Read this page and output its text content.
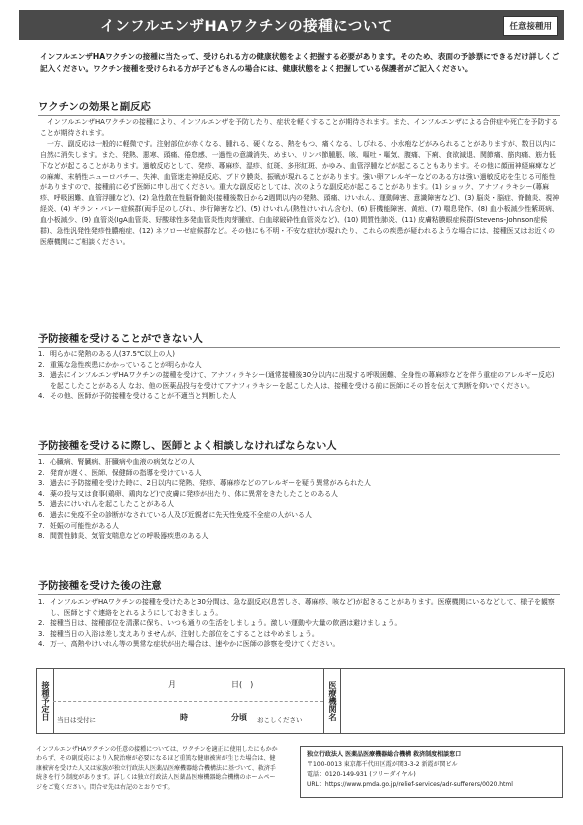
インフルエンザHAワクチンの接種について	任意接種用

インフルエンザHAワクチンの接種に当たって、受けられる方の健康状態をよく把握する必要があります。そのため、表面の予診票にできるだけ詳しくご記入ください。ワクチン接種を受けられる方が子どもさんの場合には、健康状態をよく把握している保護者がご記入ください。

ワクチンの効果と副反応

インフルエンザHAワクチンの接種により、インフルエンザを予防したり、症状を軽くすることが期待されます。また、インフルエンザによる合併症や死亡を予防することが期待されます。

一方、副反応は一般的に軽微です。注射部位が赤くなる、腫れる、硬くなる、熱をもつ、痛くなる、しびれる、小水疱などがみられることがありますが、数日以内に自然に消失します。また、発熱、悪寒、頭痛、倦怠感、一過性の意識消失、めまい、リンパ節腫脹、咳、嘔吐・嘔気、腹痛、下痢、食欲減退、関節痛、筋肉痛、筋力低下などが起こることがあります。過敏反応として、発疹、蕁麻疹、湿疹、紅斑、多形紅斑、かゆみ、血管浮腫などが起こることもあります。その他に顔面神経麻痺などの麻痺、末梢性ニューロパチー、失神、血管迷走神経反応、ブドウ膜炎、振戦が現れることがあります。強い卵アレルギーなどのある方は強い過敏反応を生じる可能性がありますので、接種前に必ず医師に申し出てください。重大な副反応としては、次のような副反応が起こることがあります。(1) ショック、アナフィラキシー(蕁麻疹、呼吸困難、血管浮腫など)、(2) 急性散在性脳脊髄炎(接種後数日から2週間以内の発熱、頭痛、けいれん、運動障害、意識障害など)、(3) 脳炎・脳症、脊髄炎、視神経炎、(4) ギラン・バレー症候群(両手足のしびれ、歩行障害など)、(5) けいれん(熱性けいれん含む)、(6) 肝機能障害、黄疸、(7) 喘息発作、(8) 血小板減少性紫斑病、血小板減少、(9) 血管炎(IgA血管炎、好酸球性多発血管炎性肉芽腫症、白血球破砕性血管炎など)、(10) 間質性肺炎、(11) 皮膚粘膜眼症候群(Stevens-Johnson症候群)、急性汎発性発疹性膿疱症、(12) ネフローゼ症候群など。その他にも不明・不安な症状が現れたり、これらの疾患が疑われるような場合には、接種医又はお近くの医療機関にご相談ください。

予防接種を受けることができない人
1. 明らかに発熱のある人(37.5℃以上の人)
2. 重篤な急性疾患にかかっていることが明らかな人
3. 過去にインフルエンザHAワクチンの接種を受けて、アナフィラキシー(通常接種後30分以内に出現する呼吸困難、全身性の蕁麻疹などを伴う重症のアレルギー反応)を起こしたことがある人 なお、他の医薬品投与を受けてアナフィラキシーを起こした人は、接種を受ける前に医師にその旨を伝えて判断を仰いでください。
4. その他、医師が予防接種を受けることが不適当と判断した人
予防接種を受けるに際し、医師とよく相談しなければならない人
1. 心臓病、腎臓病、肝臓病や血液の病気などの人
2. 発育が遅く、医師、保健師の指導を受けている人
3. 過去に予防接種を受けた時に、2日以内に発熱、発疹、蕁麻疹などのアレルギーを疑う異常がみられた人
4. 薬の投与又は食事(鶏卵、鶏肉など)で皮膚に発疹が出たり、体に異常をきたしたことのある人
5. 過去にけいれんを起こしたことがある人
6. 過去に免疫不全の診断がなされている人及び近親者に先天性免疫不全症の人がいる人
7. 妊娠の可能性がある人
8. 間質性肺炎、気管支喘息などの呼吸器疾患のある人
予防接種を受けた後の注意
1. インフルエンザHAワクチンの接種を受けたあと30分間は、急な副反応(息苦しさ、蕁麻疹、咳など)が起きることがあります。医療機関にいるなどして、様子を観察し、医師とすぐ連絡をとれるようにしておきましょう。
2. 接種当日は、接種部位を清潔に保ち、いつも通りの生活をしましょう。激しい運動や大量の飲酒は避けましょう。
3. 接種当日の入浴は差し支えありませんが、注射した部位をこすることはやめましょう。
4. 万一、高熱やけいれん等の異常な症状が出た場合は、速やかに医師の診察を受けてください。
接種予定日	月	日(　)
当日は受付に	時	分頃 おこしください	医療機関名

インフルエンザHAワクチンの任意の接種については、ワクチンを適正に使用したにもかかわらず、その副反応により入院治療が必要になるほど重篤な健康被害が生じた場合は、健康被害を受けた人又は家族が独立行政法人医薬品医療機器総合機構法に基づいて、救済手続きを行う制度があります。詳しくは独立行政法人医薬品医療機器総合機構のホームページをご覧ください。問合せ先は右記のとおりです。

独立行政法人 医薬品医療機器総合機構 救済制度相談窓口
〒100-0013 東京都千代田区霞が関3-3-2 新霞が関ビル
電話：0120-149-931 (フリーダイヤル)
URL：https://www.pmda.go.jp/relief-services/adr-sufferers/0020.html
